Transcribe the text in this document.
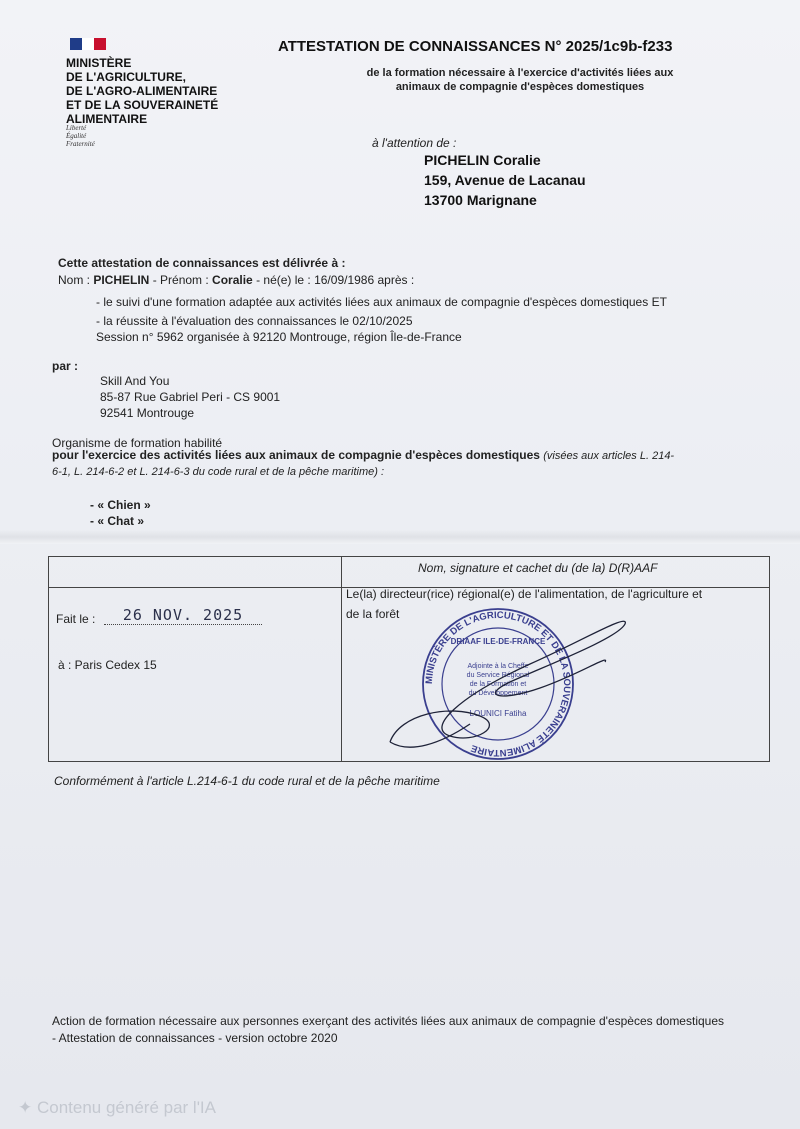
MINISTÈRE
DE L'AGRICULTURE,
DE L'AGRO-ALIMENTAIRE
ET DE LA SOUVERAINETÉ
ALIMENTAIRE
Liberté
Égalité
Fraternité
ATTESTATION DE CONNAISSANCES N° 2025/1c9b-f233
de la formation nécessaire à l'exercice d'activités liées aux
animaux de compagnie d'espèces domestiques
à l'attention de :
PICHELIN Coralie
159, Avenue de Lacanau
13700 Marignane
Cette attestation de connaissances est délivrée à :
Nom : PICHELIN - Prénom : Coralie - né(e) le : 16/09/1986 après :
- le suivi d'une formation adaptée aux activités liées aux animaux de compagnie d'espèces domestiques ET
- la réussite à l'évaluation des connaissances le 02/10/2025
Session n° 5962 organisée à 92120 Montrouge, région Île-de-France
par :
Skill And You
85-87 Rue Gabriel Peri - CS 9001
92541 Montrouge
Organisme de formation habilité
pour l'exercice des activités liées aux animaux de compagnie d'espèces domestiques (visées aux articles L. 214-
6-1, L. 214-6-2 et L. 214-6-3 du code rural et de la pêche maritime) :
- « Chien »
- « Chat »
Nom, signature et cachet du (de la) D(R)AAF
Fait le :	26 NOV. 2025
à : Paris Cedex 15
Le(la) directeur(rice) régional(e) de l'alimentation, de l'agriculture et
de la forêt
MINISTÈRE DE L'AGRICULTURE ET DE LA SOUVERAINETÉ ALIMENTAIRE
DRIAAF ILE-DE-FRANCE
Adjointe à la Cheffe
du Service Régional
de la Formation et
du Développement
LOUNICI Fatiha
Conformément à l'article L.214-6-1 du code rural et de la pêche maritime
Action de formation nécessaire aux personnes exerçant des activités liées aux animaux de compagnie d'espèces domestiques
- Attestation de connaissances - version octobre 2020
✦ Contenu généré par l'IA
